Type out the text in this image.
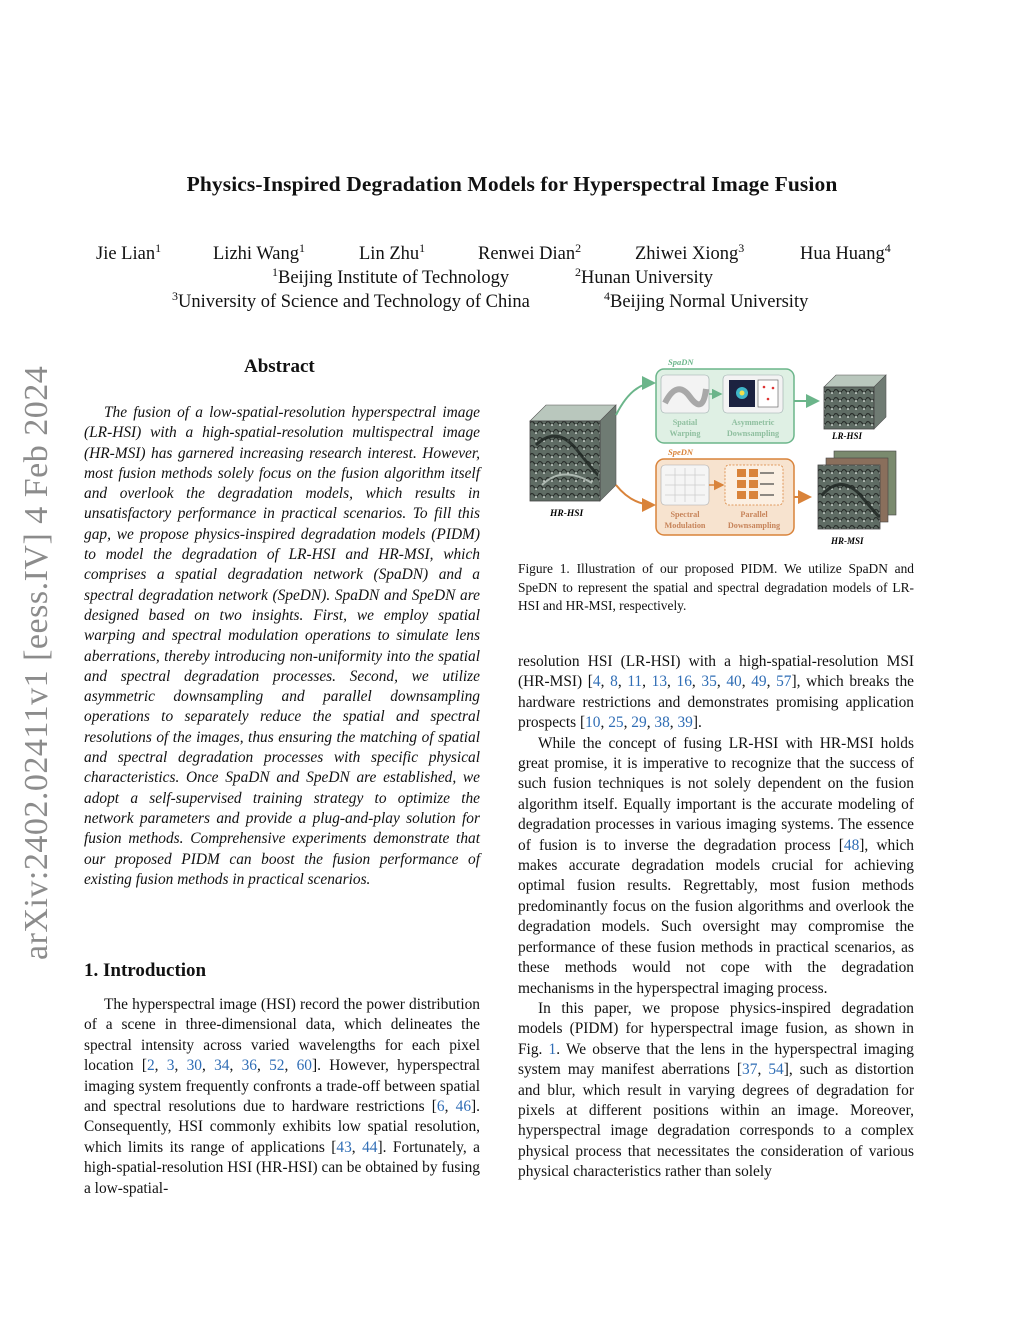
Physics-Inspired Degradation Models for Hyperspectral Image Fusion
Jie Lian$^1$	Lizhi Wang$^1$	Lin Zhu$^1$	Renwei Dian$^2$	Zhiwei Xiong$^3$	Hua Huang$^4$
$^1$Beijing Institute of Technology	$^2$Hunan University
$^3$University of Science and Technology of China	$^4$Beijing Normal University
arXiv:2402.02411v1 [eess.IV] 4 Feb 2024	Abstract
The fusion of a low-spatial-resolution hyperspectral image (LR-HSI) with a high-spatial-resolution multispectral image (HR-MSI) has garnered increasing research interest. However, most fusion methods solely focus on the fusion algorithm itself and overlook the degradation models, which results in unsatisfactory performance in practical scenarios. To fill this gap, we propose physics-inspired degradation models (PIDM) to model the degradation of LR-HSI and HR-MSI, which comprises a spatial degradation network (SpaDN) and a spectral degradation network (SpeDN). SpaDN and SpeDN are designed based on two insights. First, we employ spatial warping and spectral modulation operations to simulate lens aberrations, thereby introducing non-uniformity into the spatial and spectral degradation processes. Second, we utilize asymmetric downsampling and parallel downsampling operations to separately reduce the spatial and spectral resolutions of the images, thus ensuring the matching of spatial and spectral degradation processes with specific physical characteristics. Once SpaDN and SpeDN are established, we adopt a self-supervised training strategy to optimize the network parameters and provide a plug-and-play solution for fusion methods. Comprehensive experiments demonstrate that our proposed PIDM can boost the fusion performance of existing fusion methods in practical scenarios.
1. Introduction

The hyperspectral image (HSI) record the power distribution of a scene in three-dimensional data, which delineates the spectral intensity across varied wavelengths for each pixel location [2, 3, 30, 34, 36, 52, 60]. However, hyperspectral imaging system frequently confronts a trade-off between spatial and spectral resolutions due to hardware restrictions [6, 46]. Consequently, HSI commonly exhibits low spatial resolution, which limits its range of applications [43, 44]. Fortunately, a high-spatial-resolution HSI (HR-HSI) can be obtained by fusing a low-spatial-

HR-HSI
SpaDN
Spatial
Warping
Asymmetric
Downsampling
SpeDN
Spectral
Modulation
Parallel
Downsampling
LR-HSI
HR-MSI
Figure 1. Illustration of our proposed PIDM. We utilize SpaDN and SpeDN to represent the spatial and spectral degradation models of LR-HSI and HR-MSI, respectively.

resolution HSI (LR-HSI) with a high-spatial-resolution MSI (HR-MSI) [4, 8, 11, 13, 16, 35, 40, 49, 57], which breaks the hardware restrictions and demonstrates promising application prospects [10, 25, 29, 38, 39].

While the concept of fusing LR-HSI with HR-MSI holds great promise, it is imperative to recognize that the success of such fusion techniques is not solely dependent on the fusion algorithm itself. Equally important is the accurate modeling of degradation processes in various imaging systems. The essence of fusion is to inverse the degradation process [48], which makes accurate degradation models crucial for achieving optimal fusion results. Regrettably, most fusion methods predominantly focus on the fusion algorithms and overlook the degradation models. Such oversight may compromise the performance of these fusion methods in practical scenarios, as these methods would not cope with the degradation mechanisms in the hyperspectral imaging process.

In this paper, we propose physics-inspired degradation models (PIDM) for hyperspectral image fusion, as shown in Fig. 1. We observe that the lens in the hyperspectral imaging system may manifest aberrations [37, 54], such as distortion and blur, which result in varying degrees of degradation for pixels at different positions within an image. Moreover, hyperspectral image degradation corresponds to a complex physical process that necessitates the consideration of various physical characteristics rather than solely
